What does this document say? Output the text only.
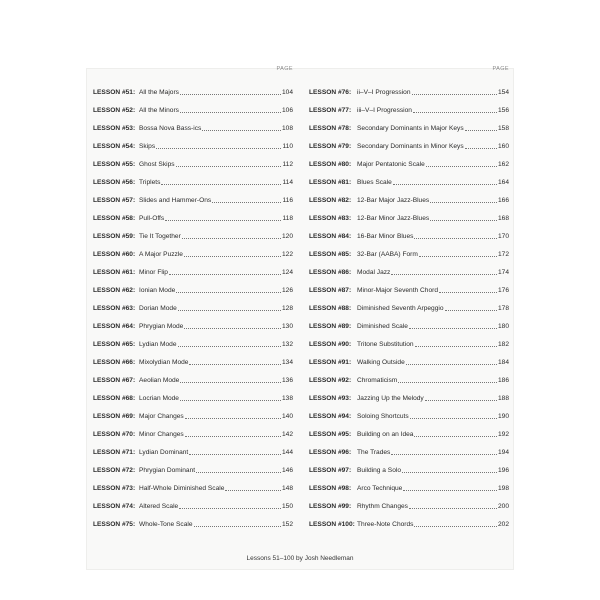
PAGE
LESSON #51: All the Majors	104
LESSON #52: All the Minors	106
LESSON #53: Bossa Nova Bass-ics	108
LESSON #54: Skips	110
LESSON #55: Ghost Skips	112
LESSON #56: Triplets	114
LESSON #57: Slides and Hammer-Ons	116
LESSON #58: Pull-Offs	118
LESSON #59: Tie It Together	120
LESSON #60: A Major Puzzle	122
LESSON #61: Minor Flip	124
LESSON #62: Ionian Mode	126
LESSON #63: Dorian Mode	128
LESSON #64: Phrygian Mode	130
LESSON #65: Lydian Mode	132
LESSON #66: Mixolydian Mode	134
LESSON #67: Aeolian Mode	136
LESSON #68: Locrian Mode	138
LESSON #69: Major Changes	140
LESSON #70: Minor Changes	142
LESSON #71: Lydian Dominant	144
LESSON #72: Phrygian Dominant	146
LESSON #73: Half-Whole Diminished Scale	148
LESSON #74: Altered Scale	150
LESSON #75: Whole-Tone Scale	152
PAGE
LESSON #76: ii–V–I Progression	154
LESSON #77: iii–V–I Progression	156
LESSON #78: Secondary Dominants in Major Keys	158
LESSON #79: Secondary Dominants in Minor Keys	160
LESSON #80: Major Pentatonic Scale	162
LESSON #81: Blues Scale	164
LESSON #82: 12-Bar Major Jazz-Blues	166
LESSON #83: 12-Bar Minor Jazz-Blues	168
LESSON #84: 16-Bar Minor Blues	170
LESSON #85: 32-Bar (AABA) Form	172
LESSON #86: Modal Jazz	174
LESSON #87: Minor-Major Seventh Chord	176
LESSON #88: Diminished Seventh Arpeggio	178
LESSON #89: Diminished Scale	180
LESSON #90: Tritone Substitution	182
LESSON #91: Walking Outside	184
LESSON #92: Chromaticism	186
LESSON #93: Jazzing Up the Melody	188
LESSON #94: Soloing Shortcuts	190
LESSON #95: Building on an Idea	192
LESSON #96: The Trades	194
LESSON #97: Building a Solo	196
LESSON #98: Arco Technique	198
LESSON #99: Rhythm Changes	200
LESSON #100: Three-Note Chords	202
Lessons 51–100 by Josh Needleman
